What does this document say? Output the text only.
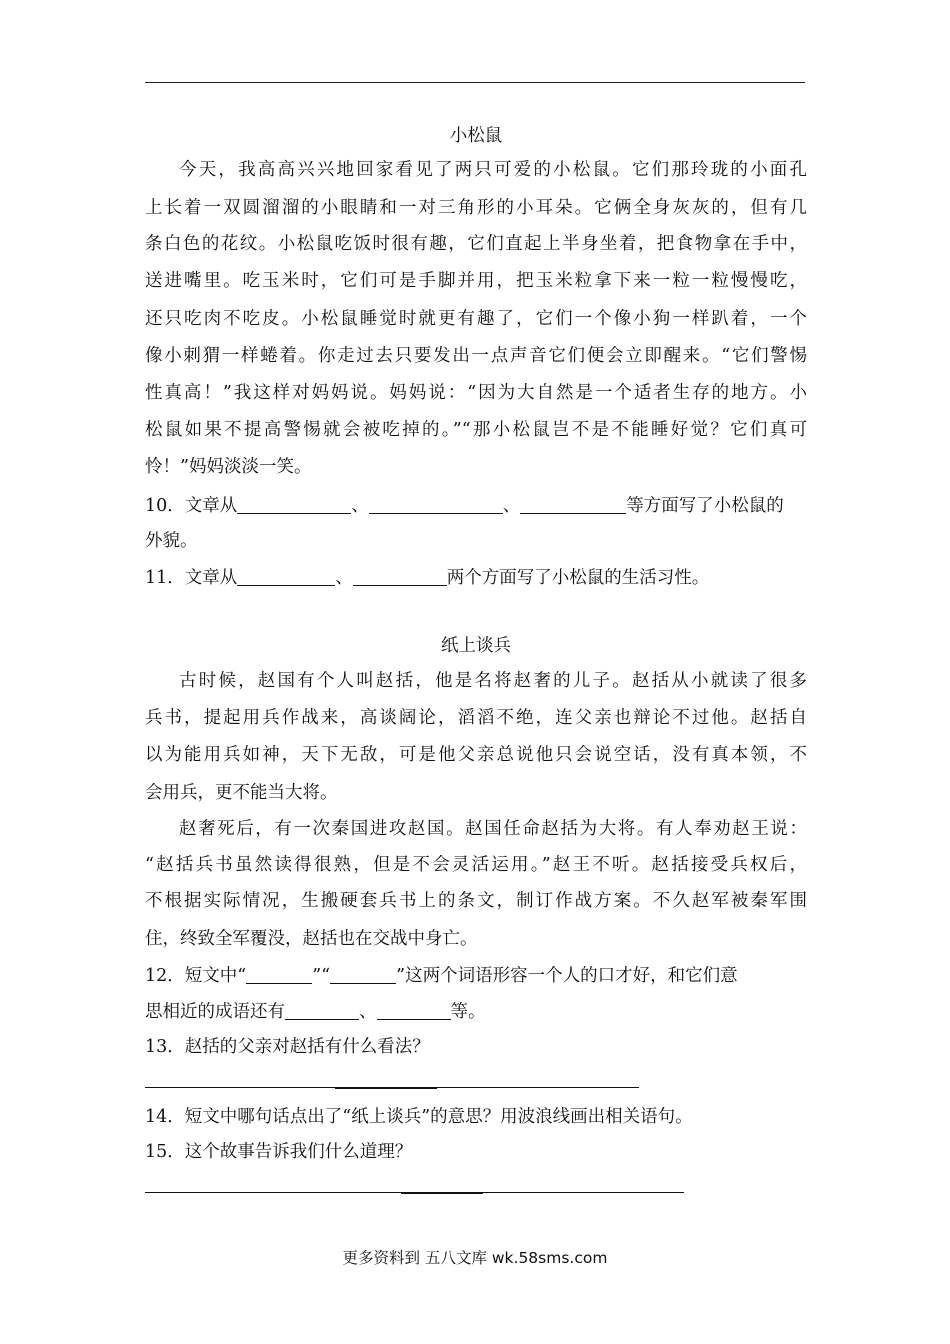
小松鼠
今天，我高高兴兴地回家看见了两只可爱的小松鼠。它们那玲珑的小面孔
上长着一双圆溜溜的小眼睛和一对三角形的小耳朵。它俩全身灰灰的，但有几
条白色的花纹。小松鼠吃饭时很有趣，它们直起上半身坐着，把食物拿在手中，
送进嘴里。吃玉米时，它们可是手脚并用，把玉米粒拿下来一粒一粒慢慢吃，
还只吃肉不吃皮。小松鼠睡觉时就更有趣了，它们一个像小狗一样趴着，一个
像小刺猬一样蜷着。你走过去只要发出一点声音它们便会立即醒来。“它们警惕
性真高！”我这样对妈妈说。妈妈说：“因为大自然是一个适者生存的地方。小
松鼠如果不提高警惕就会被吃掉的。”“那小松鼠岂不是不能睡好觉？它们真可
怜！”妈妈淡淡一笑。
10．文章从	、	、	等方面写了小松鼠的
外貌。
11．文章从	、	两个方面写了小松鼠的生活习性。
纸上谈兵
古时候，赵国有个人叫赵括，他是名将赵奢的儿子。赵括从小就读了很多
兵书，提起用兵作战来，高谈阔论，滔滔不绝，连父亲也辩论不过他。赵括自
以为能用兵如神，天下无敌，可是他父亲总说他只会说空话，没有真本领，不
会用兵，更不能当大将。
赵奢死后，有一次秦国进攻赵国。赵国任命赵括为大将。有人奉劝赵王说：
“赵括兵书虽然读得很熟，但是不会灵活运用。”赵王不听。赵括接受兵权后，
不根据实际情况，生搬硬套兵书上的条文，制订作战方案。不久赵军被秦军围
住，终致全军覆没，赵括也在交战中身亡。
12．短文中“	”“	”这两个词语形容一个人的口才好，和它们意
思相近的成语还有	、	等。
13．赵括的父亲对赵括有什么看法？
14．短文中哪句话点出了“纸上谈兵”的意思？用波浪线画出相关语句。
15．这个故事告诉我们什么道理？
更多资料到 五八文库 wk.58sms.com
